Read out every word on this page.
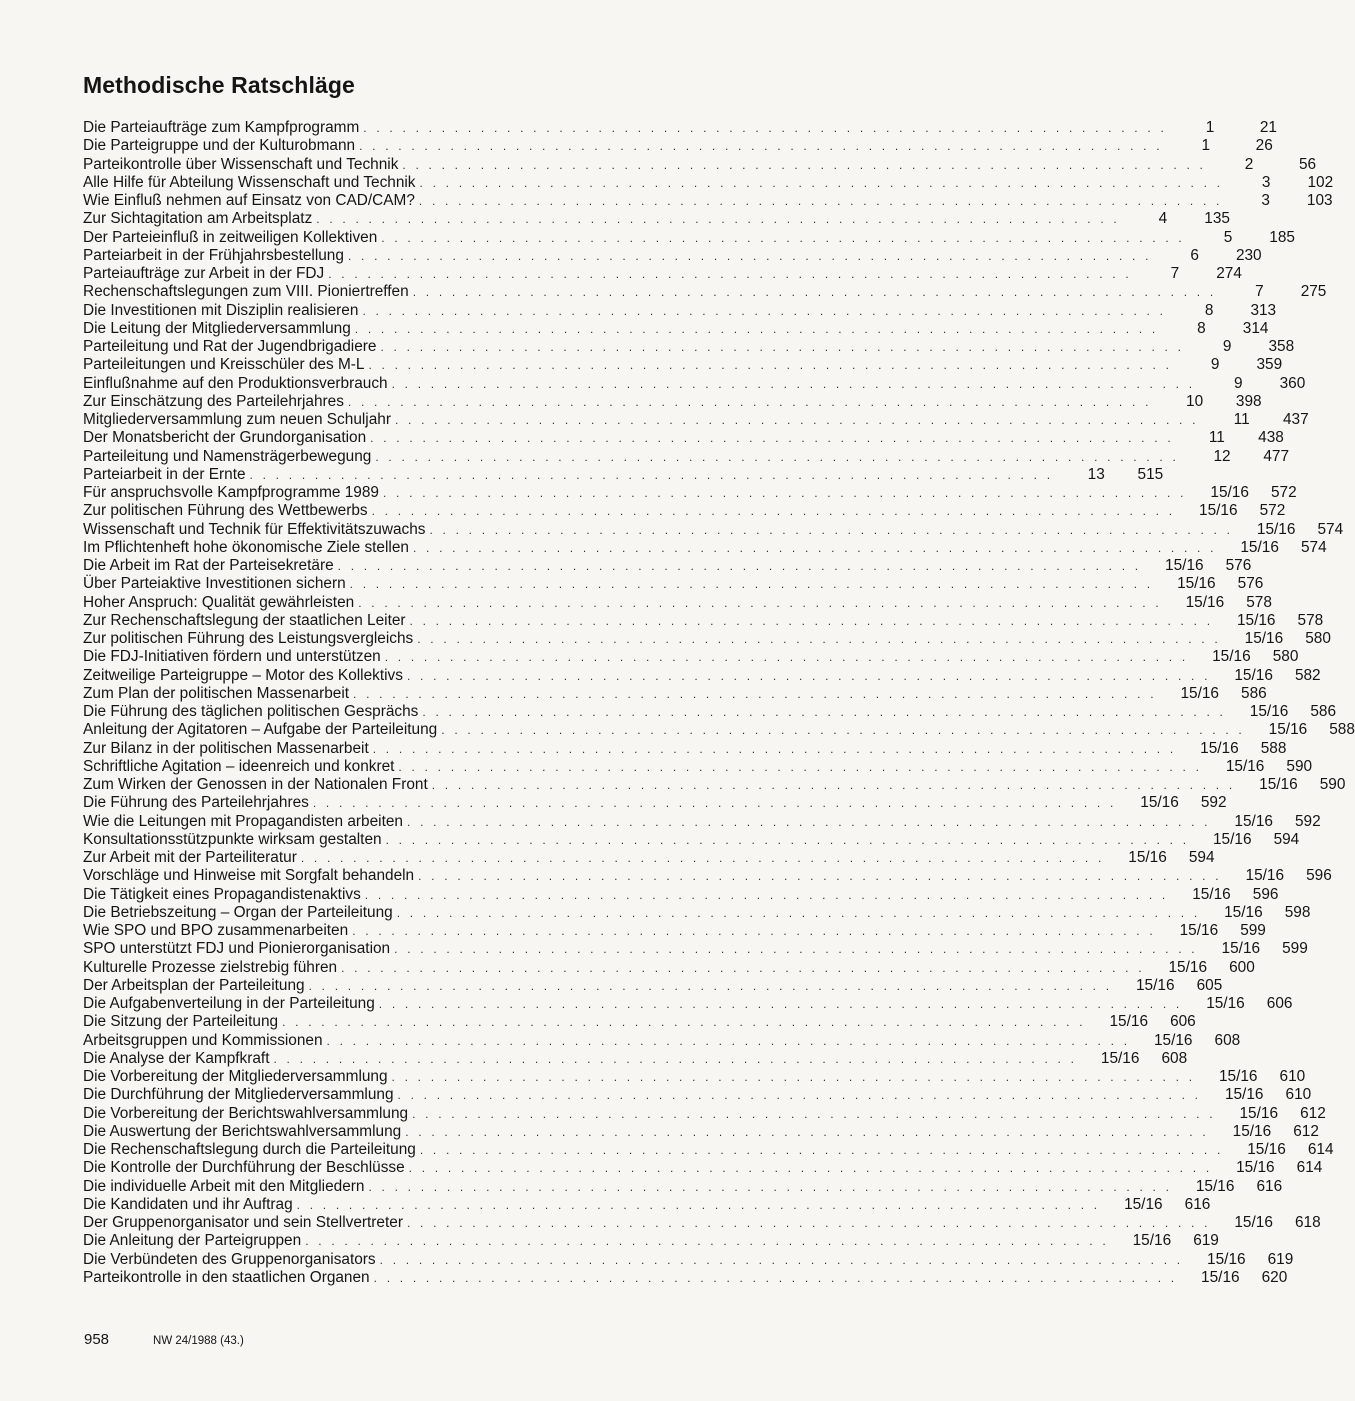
Methodische Ratschläge
Die Parteiaufträge zum Kampfprogramm . . . . . . . . . . . . . . . . . . . . . . . . . . . . . . . . . . . . . . . . . . . . . . . . . . . . . . . . . . . . . .	1	21
Die Parteigruppe und der Kulturobmann . . . . . . . . . . . . . . . . . . . . . . . . . . . . . . . . . . . . . . . . . . . . . . . . . . . . . . . . . . . . . .	1	26
Parteikontrolle über Wissenschaft und Technik . . . . . . . . . . . . . . . . . . . . . . . . . . . . . . . . . . . . . . . . . . . . . . . . . . . . . . . . . . . . . .	2	56
Alle Hilfe für Abteilung Wissenschaft und Technik . . . . . . . . . . . . . . . . . . . . . . . . . . . . . . . . . . . . . . . . . . . . . . . . . . . . . . . . . . . . . .	3	102
Wie Einfluß nehmen auf Einsatz von CAD/CAM? . . . . . . . . . . . . . . . . . . . . . . . . . . . . . . . . . . . . . . . . . . . . . . . . . . . . . . . . . . . . . .	3	103
Zur Sichtagitation am Arbeitsplatz . . . . . . . . . . . . . . . . . . . . . . . . . . . . . . . . . . . . . . . . . . . . . . . . . . . . . . . . . . . . . .	4	135
Der Parteieinfluß in zeitweiligen Kollektiven . . . . . . . . . . . . . . . . . . . . . . . . . . . . . . . . . . . . . . . . . . . . . . . . . . . . . . . . . . . . . .	5	185
Parteiarbeit in der Frühjahrsbestellung . . . . . . . . . . . . . . . . . . . . . . . . . . . . . . . . . . . . . . . . . . . . . . . . . . . . . . . . . . . . . .	6	230
Parteiaufträge zur Arbeit in der FDJ . . . . . . . . . . . . . . . . . . . . . . . . . . . . . . . . . . . . . . . . . . . . . . . . . . . . . . . . . . . . . .	7	274
Rechenschaftslegungen zum VIII. Pioniertreffen . . . . . . . . . . . . . . . . . . . . . . . . . . . . . . . . . . . . . . . . . . . . . . . . . . . . . . . . . . . . . .	7	275
Die Investitionen mit Disziplin realisieren . . . . . . . . . . . . . . . . . . . . . . . . . . . . . . . . . . . . . . . . . . . . . . . . . . . . . . . . . . . . . .	8	313
Die Leitung der Mitgliederversammlung . . . . . . . . . . . . . . . . . . . . . . . . . . . . . . . . . . . . . . . . . . . . . . . . . . . . . . . . . . . . . .	8	314
Parteileitung und Rat der Jugendbrigadiere . . . . . . . . . . . . . . . . . . . . . . . . . . . . . . . . . . . . . . . . . . . . . . . . . . . . . . . . . . . . . .	9	358
Parteileitungen und Kreisschüler des M-L . . . . . . . . . . . . . . . . . . . . . . . . . . . . . . . . . . . . . . . . . . . . . . . . . . . . . . . . . . . . . .	9	359
Einflußnahme auf den Produktionsverbrauch . . . . . . . . . . . . . . . . . . . . . . . . . . . . . . . . . . . . . . . . . . . . . . . . . . . . . . . . . . . . . .	9	360
Zur Einschätzung des Parteilehrjahres . . . . . . . . . . . . . . . . . . . . . . . . . . . . . . . . . . . . . . . . . . . . . . . . . . . . . . . . . . . . . .	10	398
Mitgliederversammlung zum neuen Schuljahr . . . . . . . . . . . . . . . . . . . . . . . . . . . . . . . . . . . . . . . . . . . . . . . . . . . . . . . . . . . . . .	11	437
Der Monatsbericht der Grundorganisation . . . . . . . . . . . . . . . . . . . . . . . . . . . . . . . . . . . . . . . . . . . . . . . . . . . . . . . . . . . . . .	11	438
Parteileitung und Namensträgerbewegung . . . . . . . . . . . . . . . . . . . . . . . . . . . . . . . . . . . . . . . . . . . . . . . . . . . . . . . . . . . . . .	12	477
Parteiarbeit in der Ernte . . . . . . . . . . . . . . . . . . . . . . . . . . . . . . . . . . . . . . . . . . . . . . . . . . . . . . . . . . . . . .	13	515
Für anspruchsvolle Kampfprogramme 1989 . . . . . . . . . . . . . . . . . . . . . . . . . . . . . . . . . . . . . . . . . . . . . . . . . . . . . . . . . . . . . .	15/16	572
Zur politischen Führung des Wettbewerbs . . . . . . . . . . . . . . . . . . . . . . . . . . . . . . . . . . . . . . . . . . . . . . . . . . . . . . . . . . . . . .	15/16	572
Wissenschaft und Technik für Effektivitätszuwachs . . . . . . . . . . . . . . . . . . . . . . . . . . . . . . . . . . . . . . . . . . . . . . . . . . . . . . . . . . . . . .	15/16	574
Im Pflichtenheft hohe ökonomische Ziele stellen . . . . . . . . . . . . . . . . . . . . . . . . . . . . . . . . . . . . . . . . . . . . . . . . . . . . . . . . . . . . . .	15/16	574
Die Arbeit im Rat der Parteisekretäre . . . . . . . . . . . . . . . . . . . . . . . . . . . . . . . . . . . . . . . . . . . . . . . . . . . . . . . . . . . . . .	15/16	576
Über Parteiaktive Investitionen sichern . . . . . . . . . . . . . . . . . . . . . . . . . . . . . . . . . . . . . . . . . . . . . . . . . . . . . . . . . . . . . .	15/16	576
Hoher Anspruch: Qualität gewährleisten . . . . . . . . . . . . . . . . . . . . . . . . . . . . . . . . . . . . . . . . . . . . . . . . . . . . . . . . . . . . . .	15/16	578
Zur Rechenschaftslegung der staatlichen Leiter . . . . . . . . . . . . . . . . . . . . . . . . . . . . . . . . . . . . . . . . . . . . . . . . . . . . . . . . . . . . . .	15/16	578
Zur politischen Führung des Leistungsvergleichs . . . . . . . . . . . . . . . . . . . . . . . . . . . . . . . . . . . . . . . . . . . . . . . . . . . . . . . . . . . . . .	15/16	580
Die FDJ-Initiativen fördern und unterstützen . . . . . . . . . . . . . . . . . . . . . . . . . . . . . . . . . . . . . . . . . . . . . . . . . . . . . . . . . . . . . .	15/16	580
Zeitweilige Parteigruppe – Motor des Kollektivs . . . . . . . . . . . . . . . . . . . . . . . . . . . . . . . . . . . . . . . . . . . . . . . . . . . . . . . . . . . . . .	15/16	582
Zum Plan der politischen Massenarbeit . . . . . . . . . . . . . . . . . . . . . . . . . . . . . . . . . . . . . . . . . . . . . . . . . . . . . . . . . . . . . .	15/16	586
Die Führung des täglichen politischen Gesprächs . . . . . . . . . . . . . . . . . . . . . . . . . . . . . . . . . . . . . . . . . . . . . . . . . . . . . . . . . . . . . .	15/16	586
Anleitung der Agitatoren – Aufgabe der Parteileitung . . . . . . . . . . . . . . . . . . . . . . . . . . . . . . . . . . . . . . . . . . . . . . . . . . . . . . . . . . . . . .	15/16	588
Zur Bilanz in der politischen Massenarbeit . . . . . . . . . . . . . . . . . . . . . . . . . . . . . . . . . . . . . . . . . . . . . . . . . . . . . . . . . . . . . .	15/16	588
Schriftliche Agitation – ideenreich und konkret . . . . . . . . . . . . . . . . . . . . . . . . . . . . . . . . . . . . . . . . . . . . . . . . . . . . . . . . . . . . . .	15/16	590
Zum Wirken der Genossen in der Nationalen Front . . . . . . . . . . . . . . . . . . . . . . . . . . . . . . . . . . . . . . . . . . . . . . . . . . . . . . . . . . . . . .	15/16	590
Die Führung des Parteilehrjahres . . . . . . . . . . . . . . . . . . . . . . . . . . . . . . . . . . . . . . . . . . . . . . . . . . . . . . . . . . . . . .	15/16	592
Wie die Leitungen mit Propagandisten arbeiten . . . . . . . . . . . . . . . . . . . . . . . . . . . . . . . . . . . . . . . . . . . . . . . . . . . . . . . . . . . . . .	15/16	592
Konsultationsstützpunkte wirksam gestalten . . . . . . . . . . . . . . . . . . . . . . . . . . . . . . . . . . . . . . . . . . . . . . . . . . . . . . . . . . . . . .	15/16	594
Zur Arbeit mit der Parteiliteratur . . . . . . . . . . . . . . . . . . . . . . . . . . . . . . . . . . . . . . . . . . . . . . . . . . . . . . . . . . . . . .	15/16	594
Vorschläge und Hinweise mit Sorgfalt behandeln . . . . . . . . . . . . . . . . . . . . . . . . . . . . . . . . . . . . . . . . . . . . . . . . . . . . . . . . . . . . . .	15/16	596
Die Tätigkeit eines Propagandistenaktivs . . . . . . . . . . . . . . . . . . . . . . . . . . . . . . . . . . . . . . . . . . . . . . . . . . . . . . . . . . . . . .	15/16	596
Die Betriebszeitung – Organ der Parteileitung . . . . . . . . . . . . . . . . . . . . . . . . . . . . . . . . . . . . . . . . . . . . . . . . . . . . . . . . . . . . . .	15/16	598
Wie SPO und BPO zusammenarbeiten . . . . . . . . . . . . . . . . . . . . . . . . . . . . . . . . . . . . . . . . . . . . . . . . . . . . . . . . . . . . . .	15/16	599
SPO unterstützt FDJ und Pionierorganisation . . . . . . . . . . . . . . . . . . . . . . . . . . . . . . . . . . . . . . . . . . . . . . . . . . . . . . . . . . . . . .	15/16	599
Kulturelle Prozesse zielstrebig führen . . . . . . . . . . . . . . . . . . . . . . . . . . . . . . . . . . . . . . . . . . . . . . . . . . . . . . . . . . . . . .	15/16	600
Der Arbeitsplan der Parteileitung . . . . . . . . . . . . . . . . . . . . . . . . . . . . . . . . . . . . . . . . . . . . . . . . . . . . . . . . . . . . . .	15/16	605
Die Aufgabenverteilung in der Parteileitung . . . . . . . . . . . . . . . . . . . . . . . . . . . . . . . . . . . . . . . . . . . . . . . . . . . . . . . . . . . . . .	15/16	606
Die Sitzung der Parteileitung . . . . . . . . . . . . . . . . . . . . . . . . . . . . . . . . . . . . . . . . . . . . . . . . . . . . . . . . . . . . . .	15/16	606
Arbeitsgruppen und Kommissionen . . . . . . . . . . . . . . . . . . . . . . . . . . . . . . . . . . . . . . . . . . . . . . . . . . . . . . . . . . . . . .	15/16	608
Die Analyse der Kampfkraft . . . . . . . . . . . . . . . . . . . . . . . . . . . . . . . . . . . . . . . . . . . . . . . . . . . . . . . . . . . . . .	15/16	608
Die Vorbereitung der Mitgliederversammlung . . . . . . . . . . . . . . . . . . . . . . . . . . . . . . . . . . . . . . . . . . . . . . . . . . . . . . . . . . . . . .	15/16	610
Die Durchführung der Mitgliederversammlung . . . . . . . . . . . . . . . . . . . . . . . . . . . . . . . . . . . . . . . . . . . . . . . . . . . . . . . . . . . . . .	15/16	610
Die Vorbereitung der Berichtswahlversammlung . . . . . . . . . . . . . . . . . . . . . . . . . . . . . . . . . . . . . . . . . . . . . . . . . . . . . . . . . . . . . .	15/16	612
Die Auswertung der Berichtswahlversammlung . . . . . . . . . . . . . . . . . . . . . . . . . . . . . . . . . . . . . . . . . . . . . . . . . . . . . . . . . . . . . .	15/16	612
Die Rechenschaftslegung durch die Parteileitung . . . . . . . . . . . . . . . . . . . . . . . . . . . . . . . . . . . . . . . . . . . . . . . . . . . . . . . . . . . . . .	15/16	614
Die Kontrolle der Durchführung der Beschlüsse . . . . . . . . . . . . . . . . . . . . . . . . . . . . . . . . . . . . . . . . . . . . . . . . . . . . . . . . . . . . . .	15/16	614
Die individuelle Arbeit mit den Mitgliedern . . . . . . . . . . . . . . . . . . . . . . . . . . . . . . . . . . . . . . . . . . . . . . . . . . . . . . . . . . . . . .	15/16	616
Die Kandidaten und ihr Auftrag . . . . . . . . . . . . . . . . . . . . . . . . . . . . . . . . . . . . . . . . . . . . . . . . . . . . . . . . . . . . . .	15/16	616
Der Gruppenorganisator und sein Stellvertreter . . . . . . . . . . . . . . . . . . . . . . . . . . . . . . . . . . . . . . . . . . . . . . . . . . . . . . . . . . . . . .	15/16	618
Die Anleitung der Parteigruppen . . . . . . . . . . . . . . . . . . . . . . . . . . . . . . . . . . . . . . . . . . . . . . . . . . . . . . . . . . . . . .	15/16	619
Die Verbündeten des Gruppenorganisators . . . . . . . . . . . . . . . . . . . . . . . . . . . . . . . . . . . . . . . . . . . . . . . . . . . . . . . . . . . . . .	15/16	619
Parteikontrolle in den staatlichen Organen . . . . . . . . . . . . . . . . . . . . . . . . . . . . . . . . . . . . . . . . . . . . . . . . . . . . . . . . . . . . . .	15/16	620
958	NW 24/1988 (43.)
